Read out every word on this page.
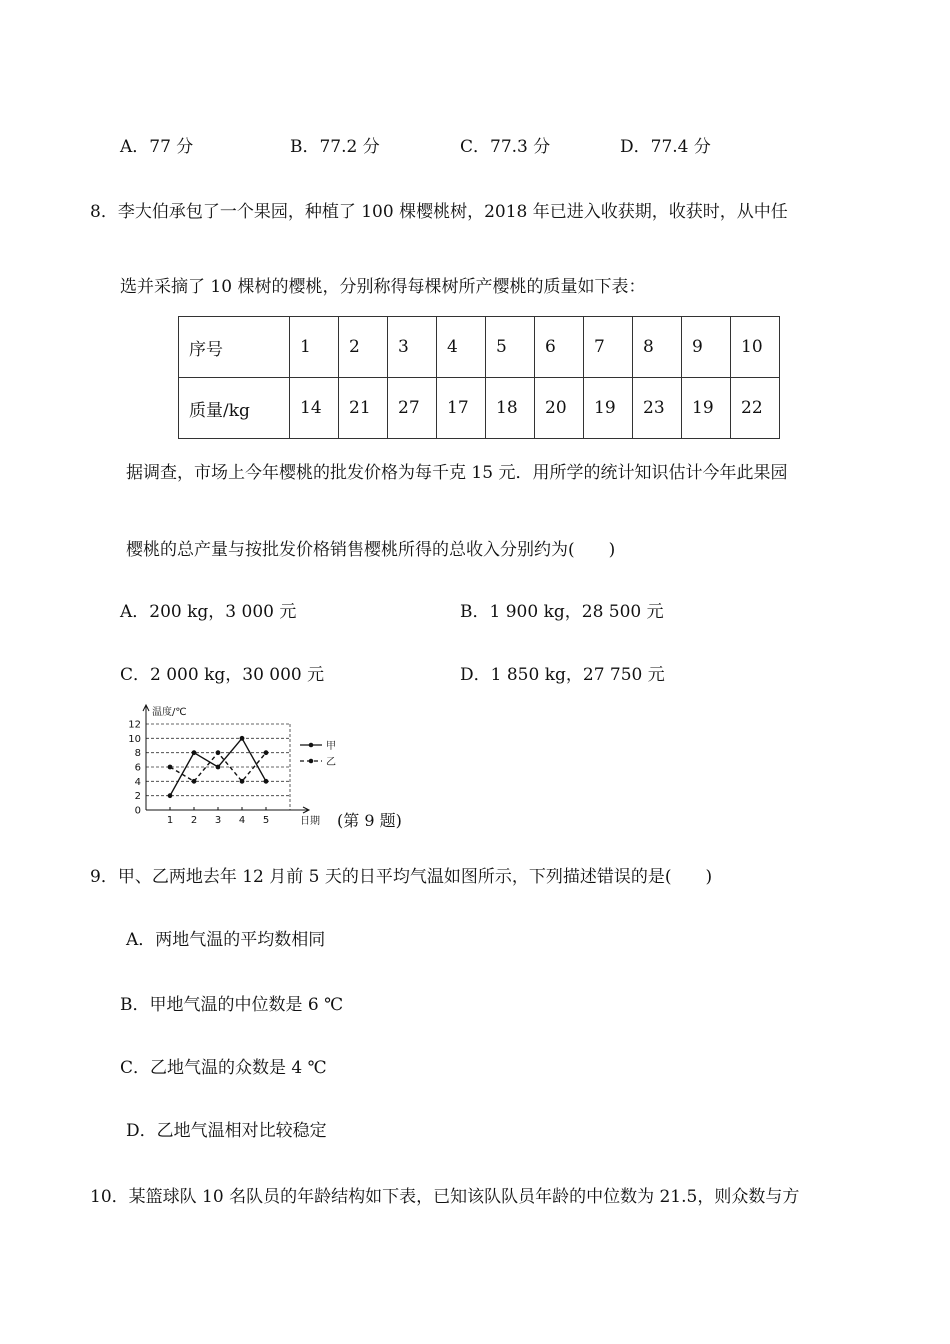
A．77 分	B．77.2 分	C．77.3 分	D．77.4 分
8．李大伯承包了一个果园，种植了 100 棵樱桃树，2018 年已进入收获期，收获时，从中任
选并采摘了 10 棵树的樱桃，分别称得每棵树所产樱桃的质量如下表：
序号	1	2	3	4	5	6	7	8	9	10
质量/kg	14	21	27	17	18	20	19	23	19	22
据调查，市场上今年樱桃的批发价格为每千克 15 元．用所学的统计知识估计今年此果园
樱桃的总产量与按批发价格销售樱桃所得的总收入分别约为(　　)
A．200 kg，3 000 元	B．1 900 kg，28 500 元
C．2 000 kg，30 000 元	D．1 850 kg，27 750 元
0
2
4
6
8
10
12
温度/℃
日期
1 2 3 4 5
甲
乙
(第 9 题)
9．甲、乙两地去年 12 月前 5 天的日平均气温如图所示，下列描述错误的是(　　)
A．两地气温的平均数相同
B．甲地气温的中位数是 6 ℃
C．乙地气温的众数是 4 ℃
D．乙地气温相对比较稳定
10．某篮球队 10 名队员的年龄结构如下表，已知该队队员年龄的中位数为 21.5，则众数与方
